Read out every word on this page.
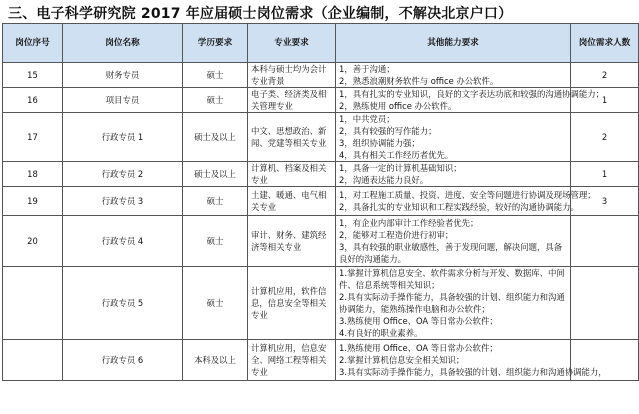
三、电子科学研究院 2017 年应届硕士岗位需求（企业编制，不解决北京户口）
岗位序号	岗位名称	学历要求	专业要求	其他能力要求	岗位需求人数
15	财务专员	硕士	本科与硕士均为会计专业背景	1，善于沟通；
2，熟悉浪潮财务软件与 office 办公软件。	2
16	项目专员	硕士	电子类、经济类及相关管理专业	1，具有扎实的专业知识，良好的文字表达功底和较强的沟通协调能力；
2，熟练使用 office 办公软件。	1
17	行政专员 1	硕士及以上	中文、思想政治、新闻、党建等相关专业	1，中共党员；
2，具有较强的写作能力；
3，组织协调能力强；
4，具有相关工作经历者优先。	2
18	行政专员 2	硕士及以上	计算机、档案及相关专业	1，具备一定的计算机基础知识；
2，沟通表达能力良好。	1
19	行政专员 3	硕士	土建、暖通、电气相关专业	1，对工程施工质量、投资、进度、安全等问题进行协调及现场管理；
2，具备扎实的专业知识和工程实践经验，较好的沟通协调能力。	3
20	行政专员 4	硕士	审计、财务、建筑经济等相关专业	1，有企业内部审计工作经验者优先；
2，能够对工程造价进行初审；
3，具有较强的职业敏感性，善于发现问题，解决问题，具备良好的沟通能力。	

	行政专员 5	硕士	计算机应用，软件信息，信息安全等相关专业	1.掌握计算机信息安全、软件需求分析与开发、数据库、中间件、信息系统等相关知识；
2.具有实际动手操作能力，具备较强的计划、组织能力和沟通协调能力，能熟练操作电脑和办公软件；
3.熟练使用 Office、OA 等日常办公软件；
4.有良好的职业素养。	

	行政专员 6	本科及以上	计算机应用，信息安全、网络工程等相关专业	1.熟练使用 Office、OA 等日常办公软件；
2.掌握计算机信息安全相关知识；
3.具有实际动手操作能力，具备较强的计划、组织能力和沟通协调能力，	
